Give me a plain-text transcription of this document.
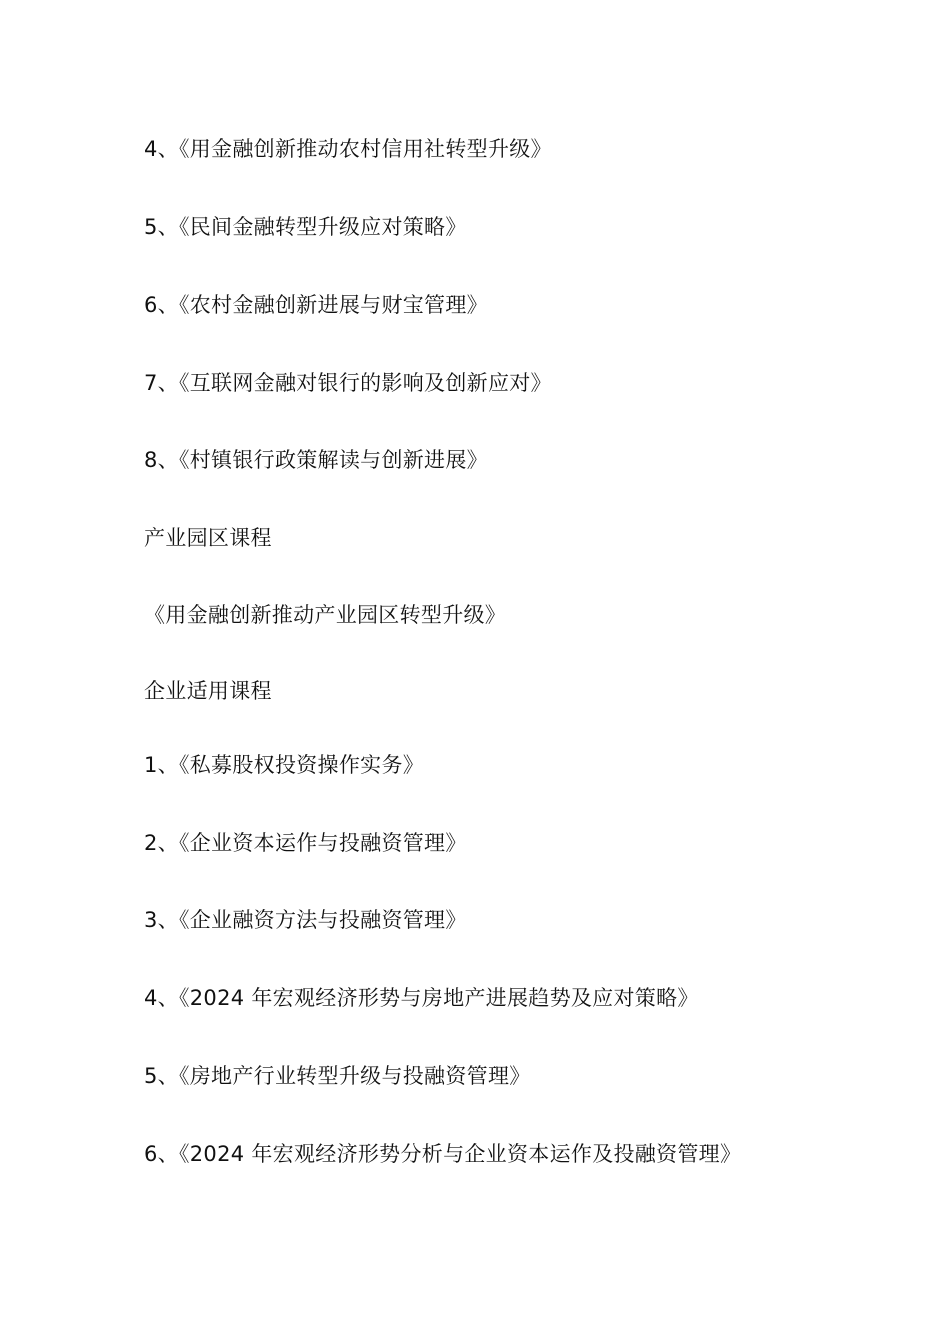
4、《用金融创新推动农村信用社转型升级》
5、《民间金融转型升级应对策略》
6、《农村金融创新进展与财宝管理》
7、《互联网金融对银行的影响及创新应对》
8、《村镇银行政策解读与创新进展》
产业园区课程
《用金融创新推动产业园区转型升级》
企业适用课程
1、《私募股权投资操作实务》
2、《企业资本运作与投融资管理》
3、《企业融资方法与投融资管理》
4、《2024 年宏观经济形势与房地产进展趋势及应对策略》
5、《房地产行业转型升级与投融资管理》
6、《2024 年宏观经济形势分析与企业资本运作及投融资管理》
